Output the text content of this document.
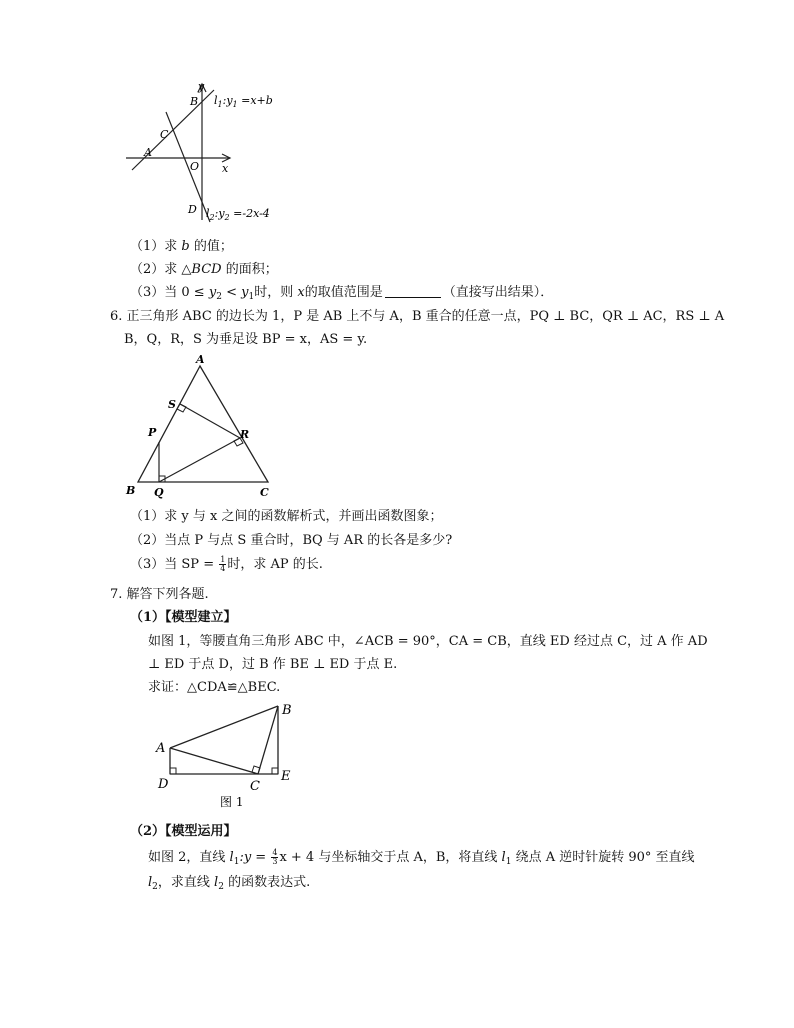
y
x
B
C
A
O
D
$l_1:y_1 =x+b$
$l_2:y_2 =-2x-4$
（1）求 b 的值；
（2）求 △BCD 的面积；
（3）当 $0 \le y_2 < y_1$时，则 x的取值范围是	（直接写出结果）．
6. 正三角形 ABC 的边长为 1，P 是 AB 上不与 A，B 重合的任意一点，PQ ⊥ BC，QR ⊥ AC，RS ⊥ A
B，Q，R，S 为垂足设 BP = x，AS = y.
A
B	C
P
Q
R
S
（1）求 y 与 x 之间的函数解析式，并画出函数图象；
（2）当点 P 与点 S 重合时，BQ 与 AR 的长各是多少?
（3）当 SP = $\frac{1}{4}$ 时，求 AP 的长.
7. 解答下列各题.
（1）【模型建立】
如图 1，等腰直角三角形 ABC 中，∠ACB = 90°，CA = CB，直线 ED 经过点 C，过 A 作 AD
⊥ ED 于点 D，过 B 作 BE ⊥ ED 于点 E.
求证：△CDA≌△BEC.
A
B
C
D
E
图 1
（2）【模型运用】
如图 2，直线 $l_1:y = \frac{4}{3}$ x + 4 与坐标轴交于点 A，B，将直线 $l_1$ 绕点 A 逆时针旋转 90° 至直线
$l_2$，求直线 $l_2$ 的函数表达式.
